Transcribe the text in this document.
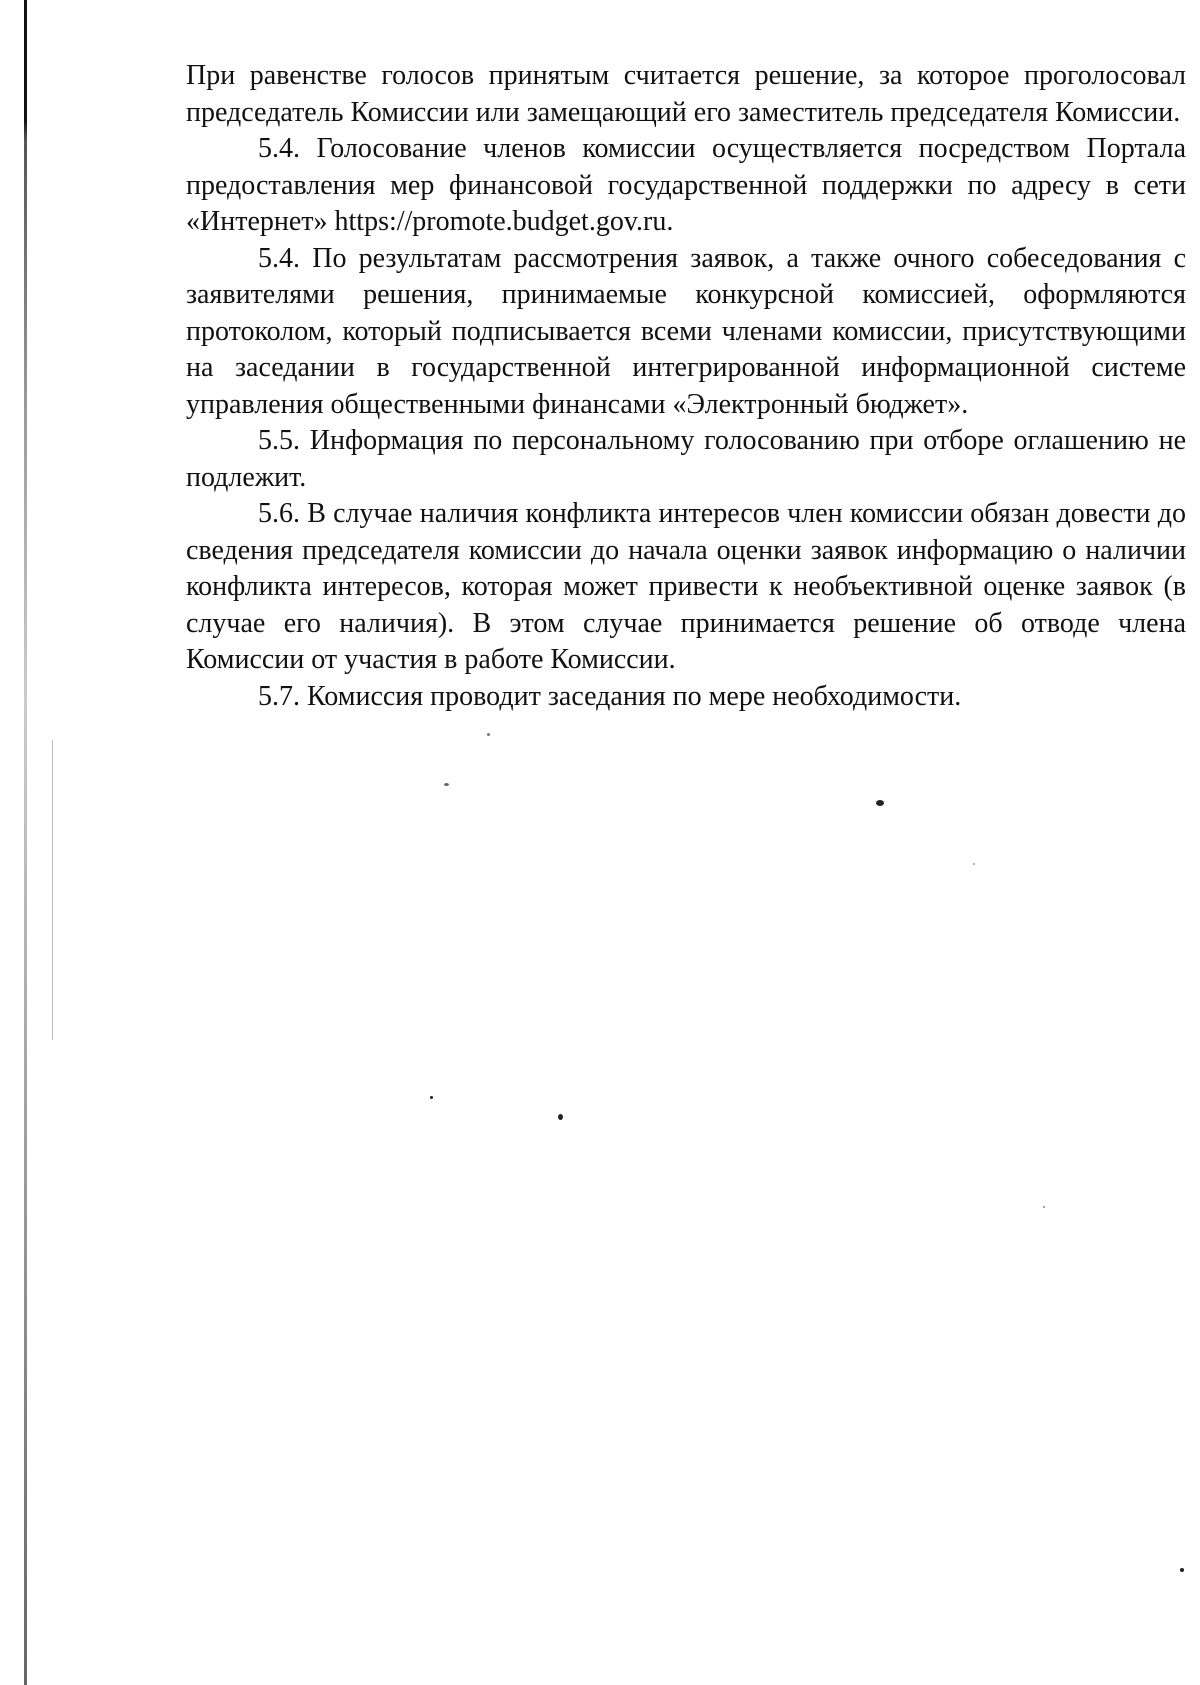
При равенстве голосов принятым считается решение, за которое проголосовал председатель Комиссии или замещающий его заместитель председателя Комиссии.

5.4. Голосование членов комиссии осуществляется посредством Портала предоставления мер финансовой государственной поддержки по адресу в сети «Интернет» https://promote.budget.gov.ru.

5.4. По результатам рассмотрения заявок, а также очного собеседования с заявителями решения, принимаемые конкурсной комиссией, оформляются протоколом, который подписывается всеми членами комиссии, присутствующими на заседании в государственной интегрированной информационной системе управления общественными финансами «Электронный бюджет».

5.5. Информация по персональному голосованию при отборе оглашению не подлежит.

5.6. В случае наличия конфликта интересов член комиссии обязан довести до сведения председателя комиссии до начала оценки заявок информацию о наличии конфликта интересов, которая может привести к необъективной оценке заявок (в случае его наличия). В этом случае принимается решение об отводе члена Комиссии от участия в работе Комиссии.

5.7. Комиссия проводит заседания по мере необходимости.
